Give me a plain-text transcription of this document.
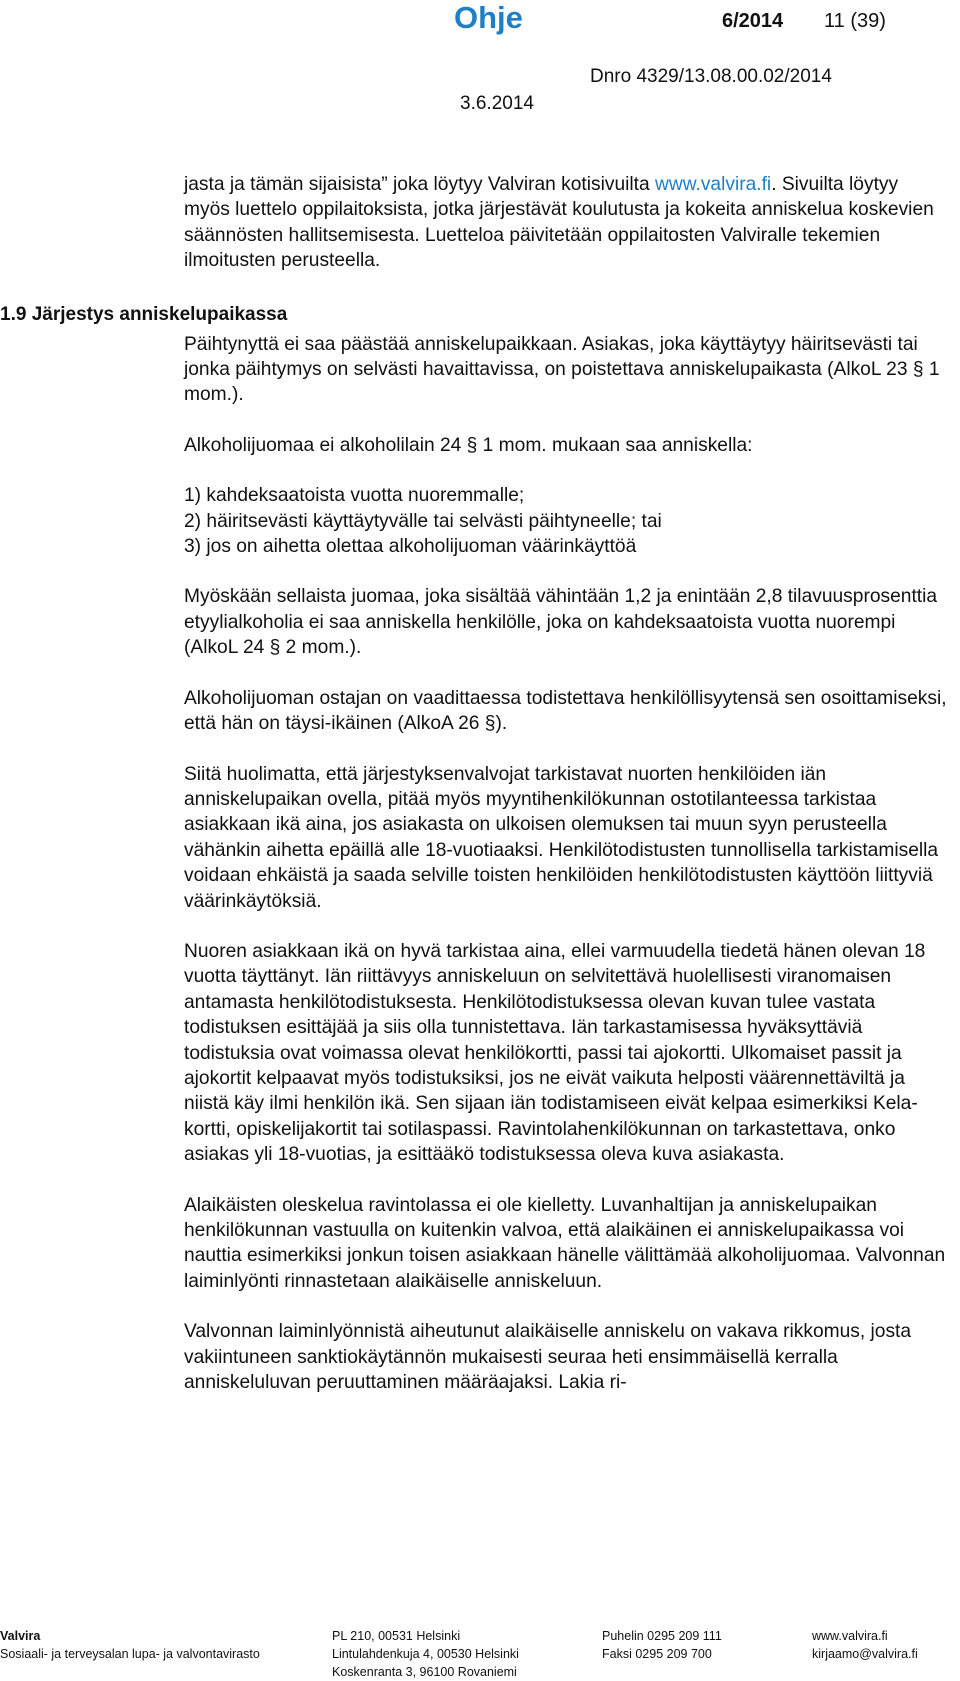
Ohje	6/2014 11 (39)
Dnro 4329/13.08.00.02/2014
3.6.2014
1.9 Järjestys anniskelupaikassa

jasta ja tämän sijaisista” joka löytyy Valviran kotisivuilta www.valvira.fi. Sivuilta löytyy myös luettelo oppilaitoksista, jotka järjestävät koulutusta ja kokeita anniskelua koskevien säännösten hallitsemisesta. Luetteloa päivitetään oppilaitosten Valviralle tekemien ilmoitusten perusteella.

Päihtynyttä ei saa päästää anniskelupaikkaan. Asiakas, joka käyttäytyy häiritsevästi tai jonka päihtymys on selvästi havaittavissa, on poistettava anniskelupaikasta (AlkoL 23 § 1 mom.).

Alkoholijuomaa ei alkoholilain 24 § 1 mom. mukaan saa anniskella:

1) kahdeksaatoista vuotta nuoremmalle;
2) häiritsevästi käyttäytyvälle tai selvästi päihtyneelle; tai
3) jos on aihetta olettaa alkoholijuoman väärinkäyttöä

Myöskään sellaista juomaa, joka sisältää vähintään 1,2 ja enintään 2,8 tilavuusprosenttia etyylialkoholia ei saa anniskella henkilölle, joka on kahdeksaatoista vuotta nuorempi (AlkoL 24 § 2 mom.).

Alkoholijuoman ostajan on vaadittaessa todistettava henkilöllisyytensä sen osoittamiseksi, että hän on täysi-ikäinen (AlkoA 26 §).

Siitä huolimatta, että järjestyksenvalvojat tarkistavat nuorten henkilöiden iän anniskelupaikan ovella, pitää myös myyntihenkilökunnan ostotilanteessa tarkistaa asiakkaan ikä aina, jos asiakasta on ulkoisen olemuksen tai muun syyn perusteella vähänkin aihetta epäillä alle 18-vuotiaaksi. Henkilötodistusten tunnollisella tarkistamisella voidaan ehkäistä ja saada selville toisten henkilöiden henkilötodistusten käyttöön liittyviä väärinkäytöksiä.

Nuoren asiakkaan ikä on hyvä tarkistaa aina, ellei varmuudella tiedetä hänen olevan 18 vuotta täyttänyt. Iän riittävyys anniskeluun on selvitettävä huolellisesti viranomaisen antamasta henkilötodistuksesta. Henkilötodistuksessa olevan kuvan tulee vastata todistuksen esittäjää ja siis olla tunnistettava. Iän tarkastamisessa hyväksyttäviä todistuksia ovat voimassa olevat henkilökortti, passi tai ajokortti. Ulkomaiset passit ja ajokortit kelpaavat myös todistuksiksi, jos ne eivät vaikuta helposti väärennettäviltä ja niistä käy ilmi henkilön ikä. Sen sijaan iän todistamiseen eivät kelpaa esimerkiksi Kela-kortti, opiskelijakortit tai sotilaspassi. Ravintolahenkilökunnan on tarkastettava, onko asiakas yli 18-vuotias, ja esittääkö todistuksessa oleva kuva asiakasta.

Alaikäisten oleskelua ravintolassa ei ole kielletty. Luvanhaltijan ja anniskelupaikan henkilökunnan vastuulla on kuitenkin valvoa, että alaikäinen ei anniskelupaikassa voi nauttia esimerkiksi jonkun toisen asiakkaan hänelle välittämää alkoholijuomaa. Valvonnan laiminlyönti rinnastetaan alaikäiselle anniskeluun.

Valvonnan laiminlyönnistä aiheutunut alaikäiselle anniskelu on vakava rikkomus, josta vakiintuneen sanktiokäytännön mukaisesti seuraa heti ensimmäisellä kerralla anniskeluluvan peruuttaminen määräajaksi. Lakia ri-

Valvira
Sosiaali- ja terveysalan lupa- ja valvontavirasto
PL 210, 00531 Helsinki
Lintulahdenkuja 4, 00530 Helsinki
Koskenranta 3, 96100 Rovaniemi
Puhelin 0295 209 111
Faksi 0295 209 700
www.valvira.fi
kirjaamo@valvira.fi
